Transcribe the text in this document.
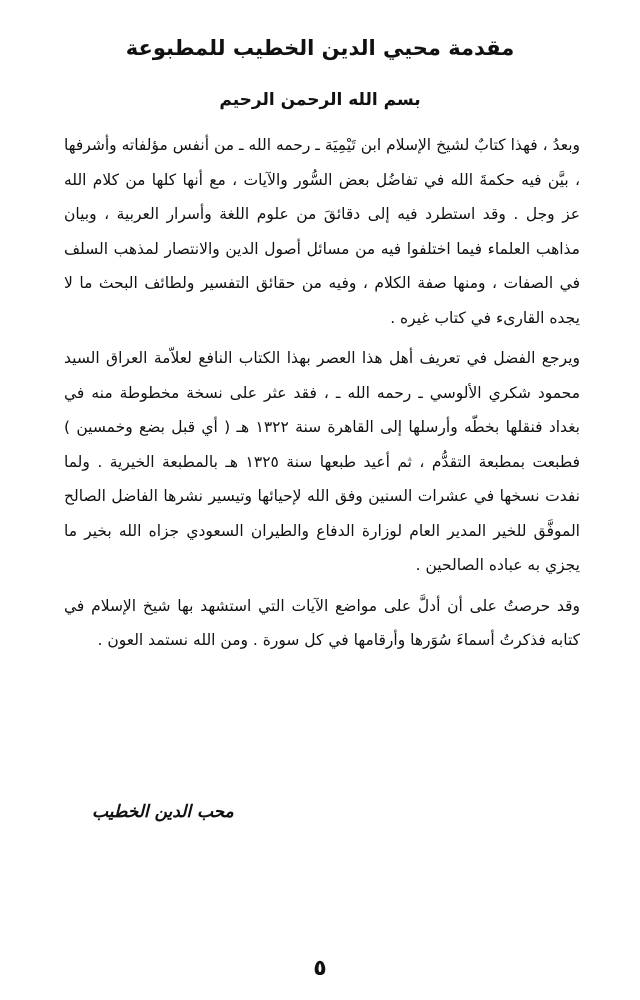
مقدمة محيي الدين الخطيب للمطبوعة
بسم الله الرحمن الرحيم

وبعدُ ، فهذا كتابٌ لشيخ الإسلام ابن تَيْمِيَة ـ رحمه الله ـ من أنفس مؤلفاته وأشرفها ، بيَّن فيه حكمةَ الله في تفاضُل بعض السُّور والآيات ، مع أنها كلها من كلام الله عز وجل . وقد استطرد فيه إلى دقائقَ من علوم اللغة وأسرار العربية ، وبيان مذاهب العلماء فيما اختلفوا فيه من مسائل أصول الدين والانتصار لمذهب السلف في الصفات ، ومنها صفة الكلام ، وفيه من حقائق التفسير ولطائف البحث ما لا يجده القارىء في كتاب غيره .

ويرجع الفضل في تعريف أهل هذا العصر بهذا الكتاب النافع لعلاّمة العراق السيد محمود شكري الألوسي ـ رحمه الله ـ ، فقد عثر على نسخة مخطوطة منه في بغداد فنقلها بخطّه وأرسلها إلى القاهرة سنة ١٣٢٢ هـ ( أي قبل بضع وخمسين ) فطبعت بمطبعة التقدُّم ، ثم أعيد طبعها سنة ١٣٢٥ هـ بالمطبعة الخيرية . ولما نفدت نسخها في عشرات السنين وفق الله لإحيائها وتيسير نشرها الفاضل الصالح الموفَّق للخير المدير العام لوزارة الدفاع والطيران السعودي جزاه الله بخير ما يجزي به عباده الصالحين .

وقد حرصتُ على أن أدلَّ على مواضع الآيات التي استشهد بها شيخ الإسلام في كتابه فذكرتُ أسماءَ سُوَرها وأرقامها في كل سورة . ومن الله نستمد العون .

محب الدين الخطيب
٥
